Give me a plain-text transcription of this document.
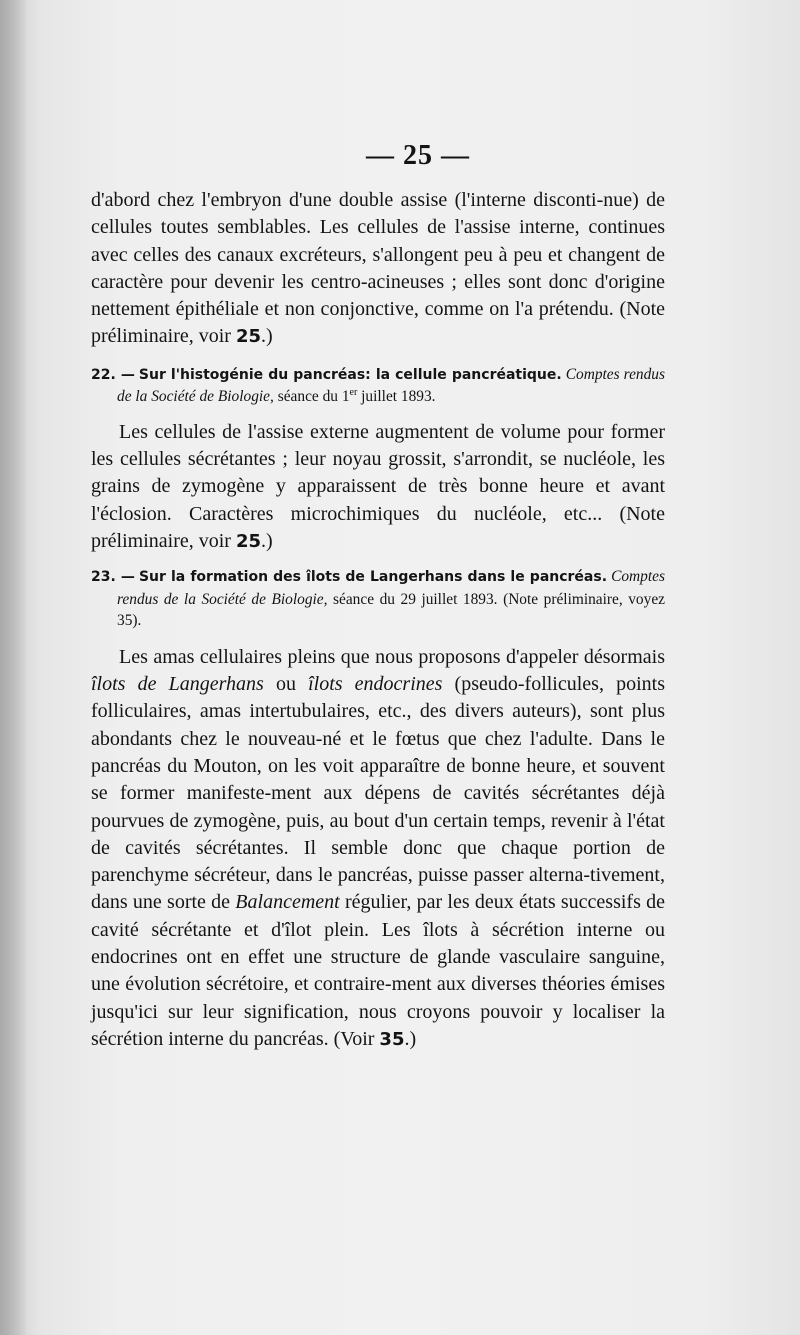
— 25 —

d'abord chez l'embryon d'une double assise (l'interne disconti-nue) de cellules toutes semblables. Les cellules de l'assise interne, continues avec celles des canaux excréteurs, s'allongent peu à peu et changent de caractère pour devenir les centro-acineuses ; elles sont donc d'origine nettement épithéliale et non conjonctive, comme on l'a prétendu. (Note préliminaire, voir 25.)

22. — Sur l'histogénie du pancréas: la cellule pancréatique. Comptes rendus de la Société de Biologie, séance du 1er juillet 1893.

Les cellules de l'assise externe augmentent de volume pour former les cellules sécrétantes ; leur noyau grossit, s'arrondit, se nucléole, les grains de zymogène y apparaissent de très bonne heure et avant l'éclosion. Caractères microchimiques du nucléole, etc... (Note préliminaire, voir 25.)

23. — Sur la formation des îlots de Langerhans dans le pancréas. Comptes rendus de la Société de Biologie, séance du 29 juillet 1893. (Note préliminaire, voyez 35).

Les amas cellulaires pleins que nous proposons d'appeler désormais îlots de Langerhans ou îlots endocrines (pseudo-follicules, points folliculaires, amas intertubulaires, etc., des divers auteurs), sont plus abondants chez le nouveau-né et le fœtus que chez l'adulte. Dans le pancréas du Mouton, on les voit apparaître de bonne heure, et souvent se former manifeste-ment aux dépens de cavités sécrétantes déjà pourvues de zymogène, puis, au bout d'un certain temps, revenir à l'état de cavités sécrétantes. Il semble donc que chaque portion de parenchyme sécréteur, dans le pancréas, puisse passer alterna-tivement, dans une sorte de Balancement régulier, par les deux états successifs de cavité sécrétante et d'îlot plein. Les îlots à sécrétion interne ou endocrines ont en effet une structure de glande vasculaire sanguine, une évolution sécrétoire, et contraire-ment aux diverses théories émises jusqu'ici sur leur signification, nous croyons pouvoir y localiser la sécrétion interne du pancréas. (Voir 35.)
